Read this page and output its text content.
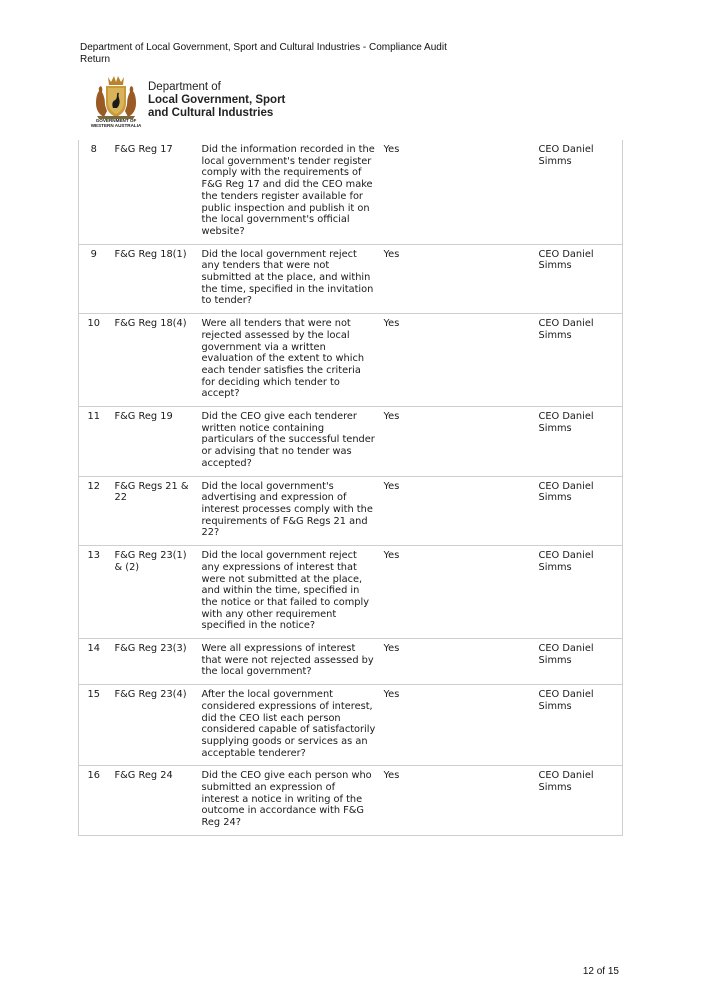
Department of Local Government, Sport and Cultural Industries - Compliance Audit Return
GOVERNMENT OF
WESTERN AUSTRALIA
Department of
Local Government, Sport
and Cultural Industries
8	F&G Reg 17	Did the information recorded in the local government's tender register comply with the requirements of F&G Reg 17 and did the CEO make the tenders register available for public inspection and publish it on the local government's official website?	Yes	CEO Daniel Simms
9	F&G Reg 18(1)	Did the local government reject any tenders that were not submitted at the place, and within the time, specified in the invitation to tender?	Yes	CEO Daniel Simms
10	F&G Reg 18(4)	Were all tenders that were not rejected assessed by the local government via a written evaluation of the extent to which each tender satisfies the criteria for deciding which tender to accept?	Yes	CEO Daniel Simms
11	F&G Reg 19	Did the CEO give each tenderer written notice containing particulars of the successful tender or advising that no tender was accepted?	Yes	CEO Daniel Simms
12	F&G Regs 21 & 22	Did the local government's advertising and expression of interest processes comply with the requirements of F&G Regs 21 and 22?	Yes	CEO Daniel Simms
13	F&G Reg 23(1) & (2)	Did the local government reject any expressions of interest that were not submitted at the place, and within the time, specified in the notice or that failed to comply with any other requirement specified in the notice?	Yes	CEO Daniel Simms
14	F&G Reg 23(3)	Were all expressions of interest that were not rejected assessed by the local government?	Yes	CEO Daniel Simms
15	F&G Reg 23(4)	After the local government considered expressions of interest, did the CEO list each person considered capable of satisfactorily supplying goods or services as an acceptable tenderer?	Yes	CEO Daniel Simms
16	F&G Reg 24	Did the CEO give each person who submitted an expression of interest a notice in writing of the outcome in accordance with F&G Reg 24?	Yes	CEO Daniel Simms
12 of 15
